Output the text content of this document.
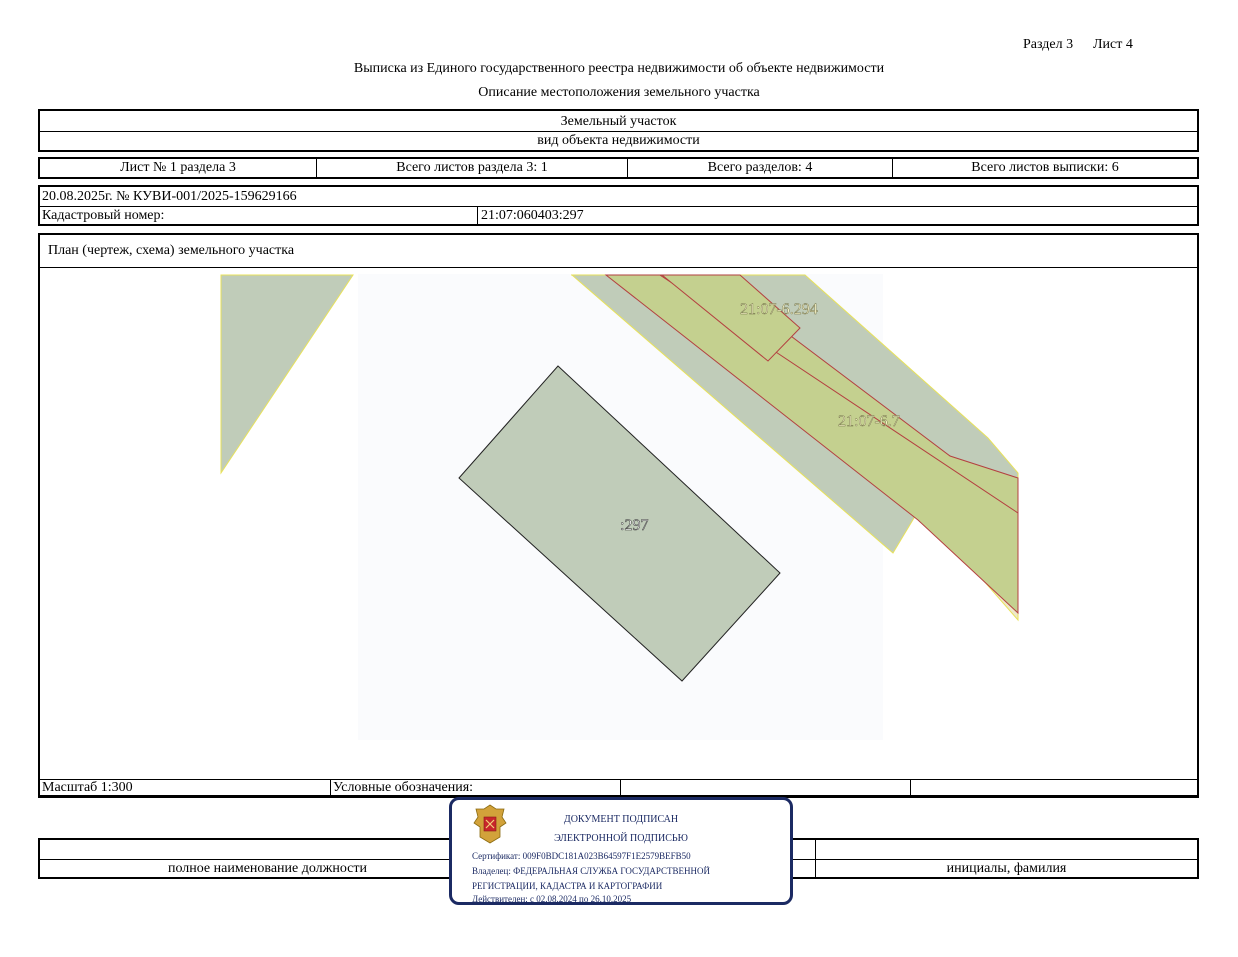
Раздел 3 Лист 4
Выписка из Единого государственного реестра недвижимости об объекте недвижимости
Описание местоположения земельного участка
Земельный участок
вид объекта недвижимости
Лист № 1 раздела 3	Всего листов раздела 3: 1	Всего разделов: 4	Всего листов выписки: 6
20.08.2025г. № КУВИ-001/2025-159629166
Кадастровый номер:	21:07:060403:297
План (чертеж, схема) земельного участка
21:07-6.294
21:07-6.7
:297
Масштаб 1:300	Условные обозначения:
полное наименование должности	инициалы, фамилия
ДОКУМЕНТ ПОДПИСАН
ЭЛЕКТРОННОЙ ПОДПИСЬЮ
Сертификат: 009F0BDC181A023B64597F1E2579BEFB50
Владелец: ФЕДЕРАЛЬНАЯ СЛУЖБА ГОСУДАРСТВЕННОЙ
РЕГИСТРАЦИИ, КАДАСТРА И КАРТОГРАФИИ
Действителен: с 02.08.2024 по 26.10.2025
